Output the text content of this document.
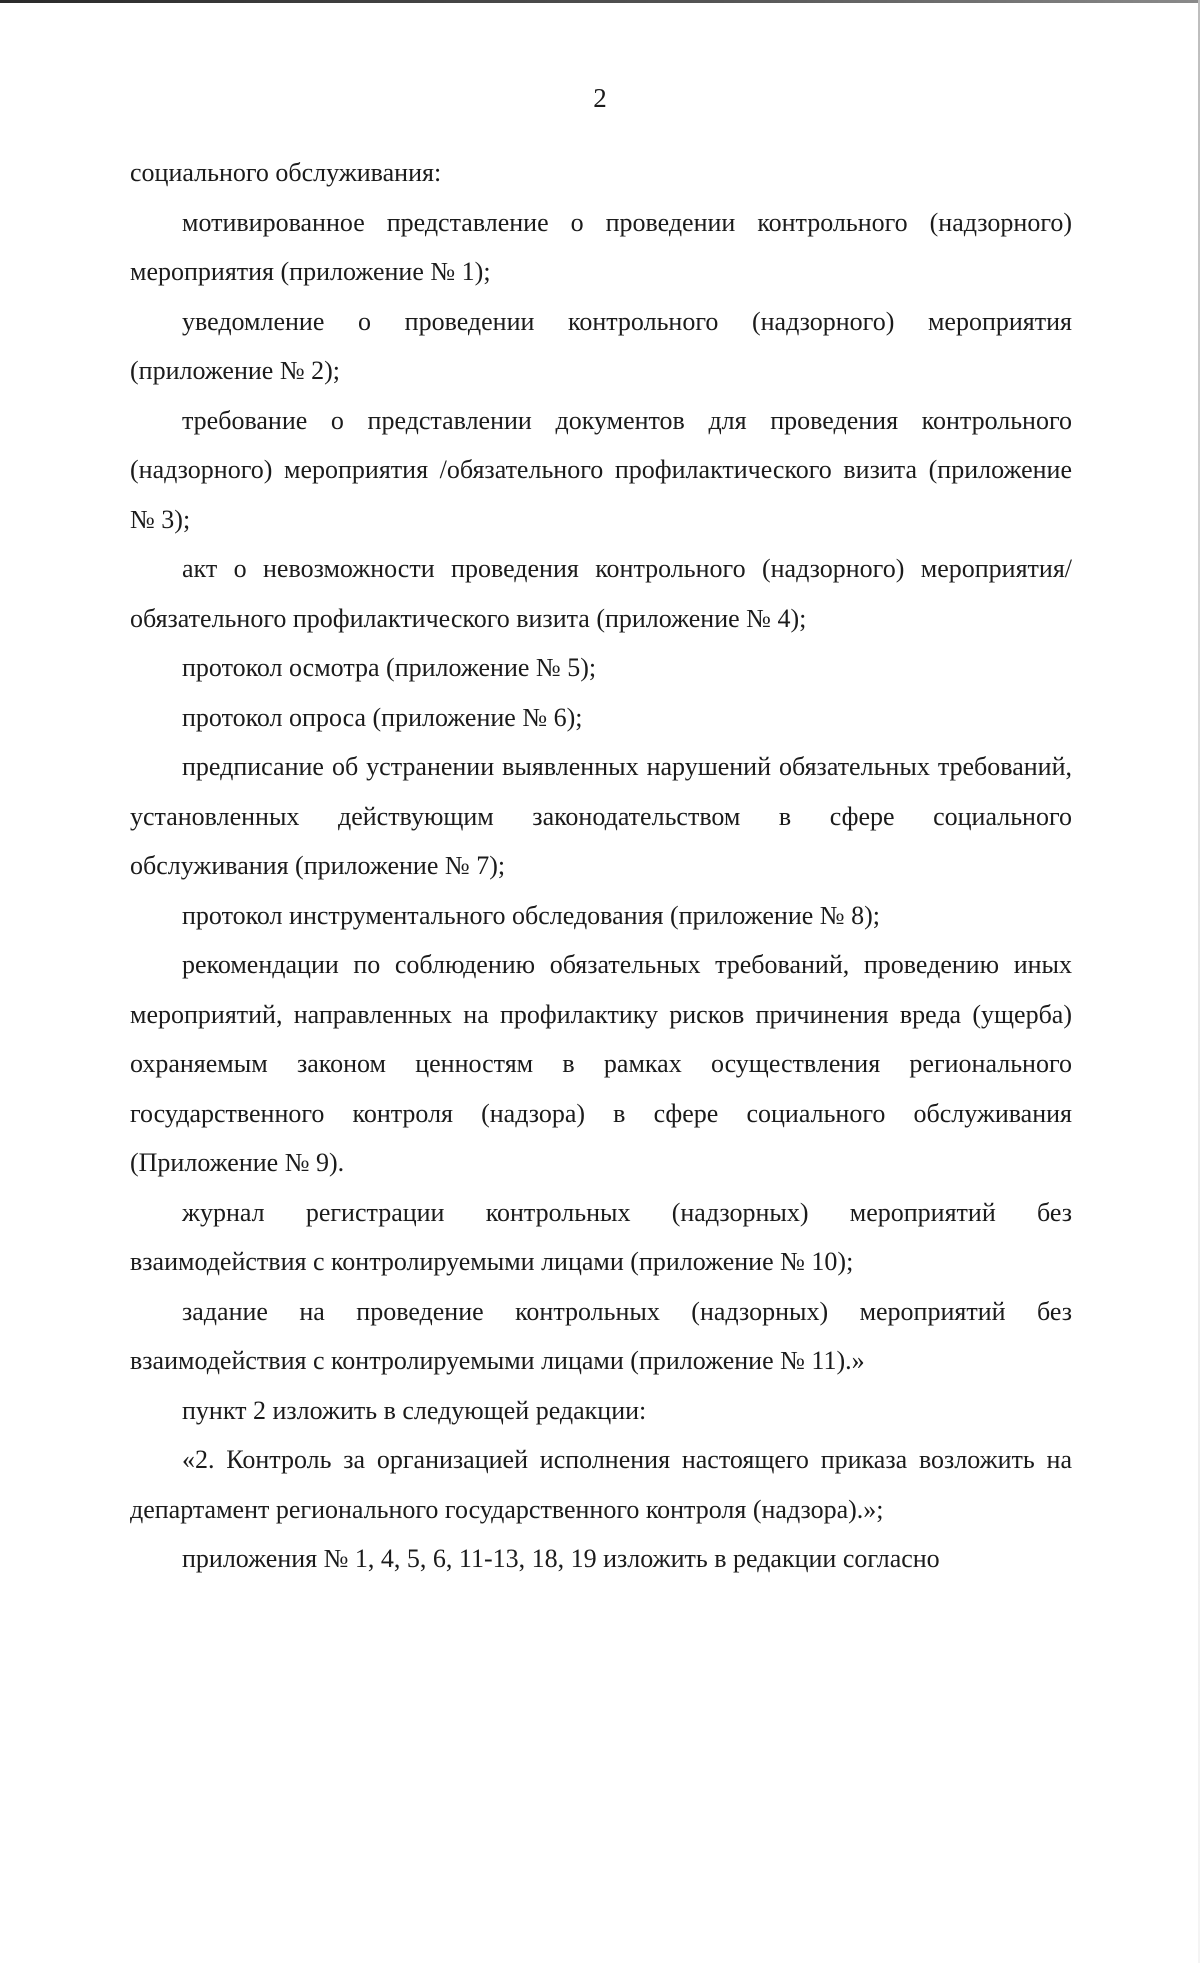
2

социального обслуживания:

мотивированное представление о проведении контрольного (надзорного) мероприятия (приложение № 1);

уведомление о проведении контрольного (надзорного) мероприятия (приложение № 2);

требование о представлении документов для проведения контрольного (надзорного) мероприятия /обязательного профилактического визита (приложение № 3);

акт о невозможности проведения контрольного (надзорного) мероприятия/обязательного профилактического визита (приложение № 4);

протокол осмотра (приложение № 5);

протокол опроса (приложение № 6);

предписание об устранении выявленных нарушений обязательных требований, установленных действующим законодательством в сфере социального обслуживания (приложение № 7);

протокол инструментального обследования (приложение № 8);

рекомендации по соблюдению обязательных требований, проведению иных мероприятий, направленных на профилактику рисков причинения вреда (ущерба) охраняемым законом ценностям в рамках осуществления регионального государственного контроля (надзора) в сфере социального обслуживания (Приложение № 9).

журнал регистрации контрольных (надзорных) мероприятий без взаимодействия с контролируемыми лицами (приложение № 10);

задание на проведение контрольных (надзорных) мероприятий без взаимодействия с контролируемыми лицами (приложение № 11).»

пункт 2 изложить в следующей редакции:

«2. Контроль за организацией исполнения настоящего приказа возложить на департамент регионального государственного контроля (надзора).»;

приложения № 1, 4, 5, 6, 11-13, 18, 19 изложить в редакции согласно
